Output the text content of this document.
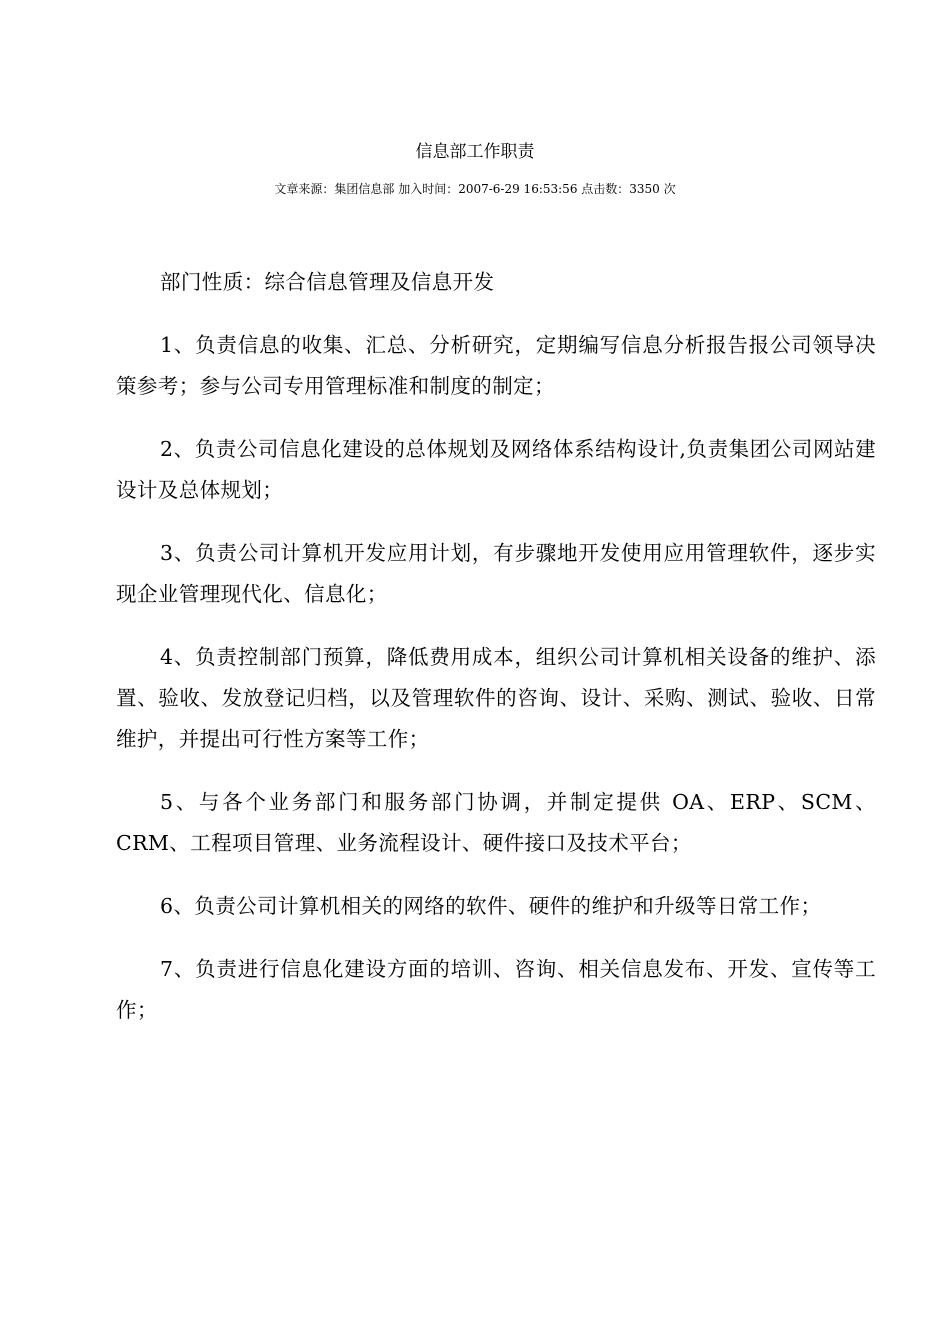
信息部工作职责
文章来源：集团信息部 加入时间：2007-6-29 16:53:56 点击数：3350 次

部门性质：综合信息管理及信息开发

1、负责信息的收集、汇总、分析研究，定期编写信息分析报告报公司领导决策参考；参与公司专用管理标准和制度的制定；

2、负责公司信息化建设的总体规划及网络体系结构设计,负责集团公司网站建设计及总体规划；

3、负责公司计算机开发应用计划，有步骤地开发使用应用管理软件，逐步实现企业管理现代化、信息化；

4、负责控制部门预算，降低费用成本，组织公司计算机相关设备的维护、添置、验收、发放登记归档，以及管理软件的咨询、设计、采购、测试、验收、日常维护，并提出可行性方案等工作；

5、与各个业务部门和服务部门协调，并制定提供 OA、ERP、SCM、CRM、工程项目管理、业务流程设计、硬件接口及技术平台；

6、负责公司计算机相关的网络的软件、硬件的维护和升级等日常工作；

7、负责进行信息化建设方面的培训、咨询、相关信息发布、开发、宣传等工作；
